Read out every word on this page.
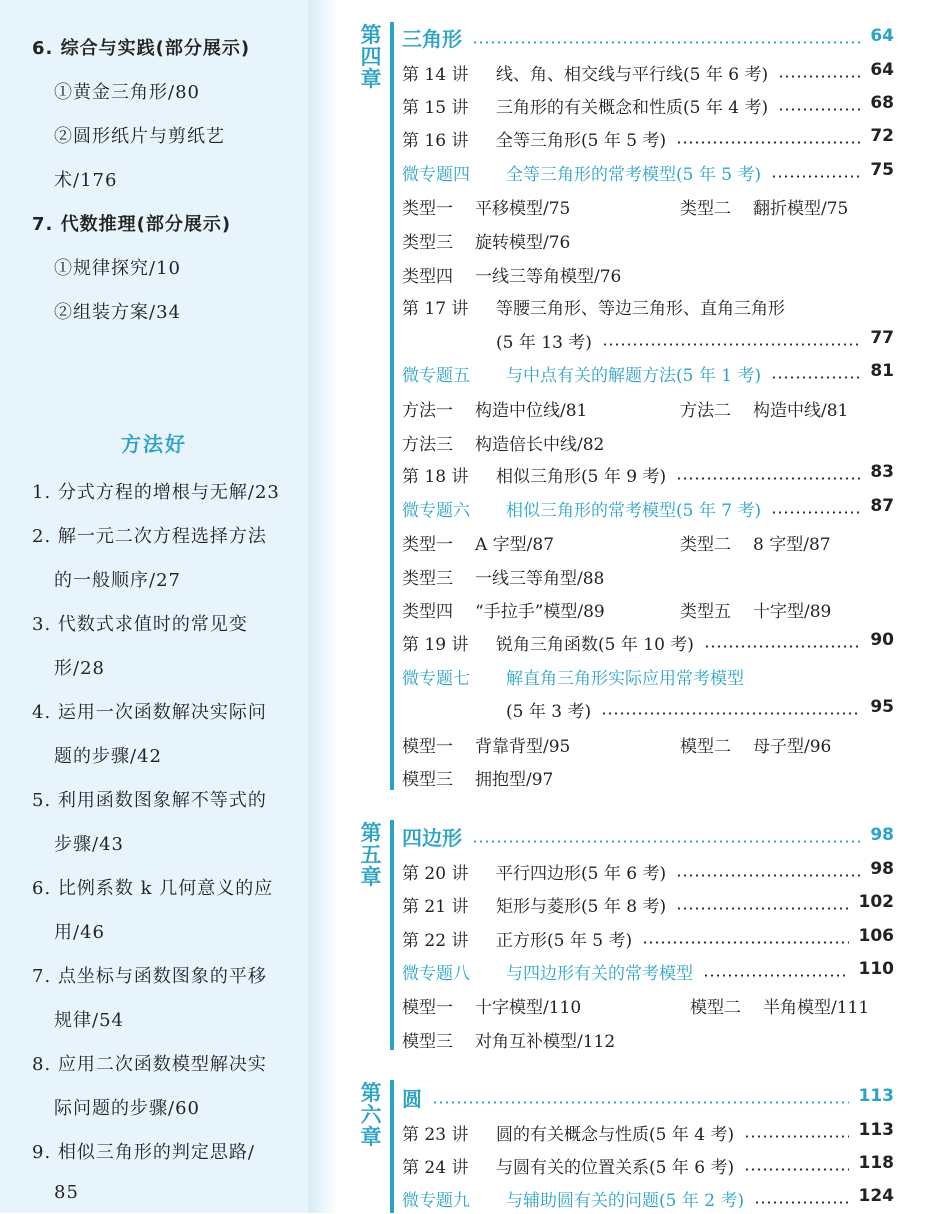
6. 综合与实践(部分展示)
①黄金三角形/80
②圆形纸片与剪纸艺
术/176
7. 代数推理(部分展示)
①规律探究/10
②组装方案/34
1. 分式方程的增根与无解/23
2. 解一元二次方程选择方法
的一般顺序/27
3. 代数式求值时的常见变
形/28
4. 运用一次函数解决实际问
题的步骤/42
5. 利用函数图象解不等式的
步骤/43
6. 比例系数 k 几何意义的应
用/46
7. 点坐标与函数图象的平移
规律/54
8. 应用二次函数模型解决实
际问题的步骤/60
9. 相似三角形的判定思路/
85
方法好
第
四
章
三角形	64
第 14 讲 线、角、相交线与平行线(5 年 6 考)	64
第 15 讲 三角形的有关概念和性质(5 年 4 考)	68
第 16 讲 全等三角形(5 年 5 考)	72
微专题四 全等三角形的常考模型(5 年 5 考)	75
类型一 平移模型/75	类型二 翻折模型/75
类型三 旋转模型/76
类型四 一线三等角模型/76
第 17 讲 等腰三角形、等边三角形、直角三角形
(5 年 13 考)	77
微专题五 与中点有关的解题方法(5 年 1 考)	81
方法一 构造中位线/81	方法二 构造中线/81
方法三 构造倍长中线/82
第 18 讲 相似三角形(5 年 9 考)	83
微专题六 相似三角形的常考模型(5 年 7 考)	87
类型一 A 字型/87	类型二 8 字型/87
类型三 一线三等角型/88
类型四 “手拉手”模型/89	类型五 十字型/89
第 19 讲 锐角三角函数(5 年 10 考)	90
微专题七 解直角三角形实际应用常考模型
(5 年 3 考)	95
模型一 背靠背型/95	模型二 母子型/96
模型三 拥抱型/97
第
五
章
四边形	98
第 20 讲 平行四边形(5 年 6 考)	98
第 21 讲 矩形与菱形(5 年 8 考)	102
第 22 讲 正方形(5 年 5 考)	106
微专题八 与四边形有关的常考模型	110
模型一 十字模型/110	模型二 半角模型/111
模型三 对角互补模型/112
第
六
章
圆	113
第 23 讲 圆的有关概念与性质(5 年 4 考)	113
第 24 讲 与圆有关的位置关系(5 年 6 考)	118
微专题九 与辅助圆有关的问题(5 年 2 考)	124
